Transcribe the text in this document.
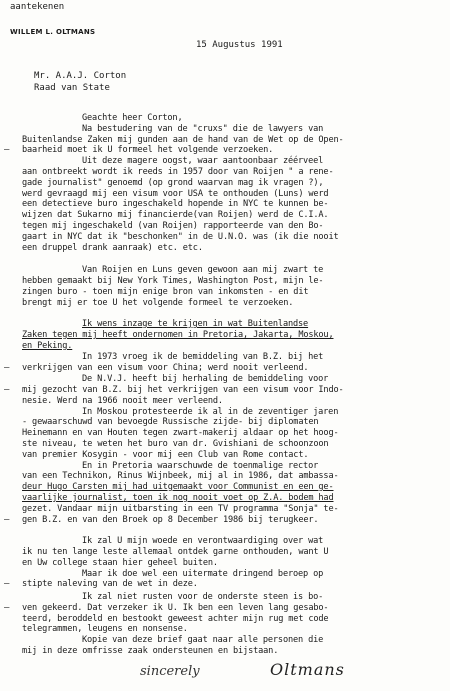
aantekenen
WILLEM L. OLTMANS
15 Augustus 1991
Mr. A.A.J. Corton
Raad van State
Geachte heer Corton,
Na bestudering van de "cruxs" die de lawyers van
Buitenlandse Zaken mij gunden aan de hand van de Wet op de Open-
baarheid moet ik U formeel het volgende verzoeken.
–
Uit deze magere oogst, waar aantoonbaar zéérveel
aan ontbreekt wordt ik reeds in 1957 door van Roijen " a rene-
gade journalist" genoemd (op grond waarvan mag ik vragen ?),
werd gevraagd mij een visum voor USA te onthouden (Luns) werd
een detectieve buro ingeschakeld hopende in NYC te kunnen be-
wijzen dat Sukarno mij financierde(van Roijen) werd de C.I.A.
tegen mij ingeschakeld (van Roijen) rapporteerde van den Bo-
gaart in NYC dat ik "beschonken" in de U.N.O. was (ik die nooit
een druppel drank aanraak) etc. etc.
Van Roijen en Luns geven gewoon aan mij zwart te
hebben gemaakt bij New York Times, Washington Post, mijn le-
zingen buro - toen mijn enige bron van inkomsten - en dit
brengt mij er toe U het volgende formeel te verzoeken.
Ik wens inzage te krijgen in wat Buitenlandse
Zaken tegen mij heeft ondernomen in Pretoria, Jakarta, Moskou,
en Peking.
In 1973 vroeg ik de bemiddeling van B.Z. bij het
verkrijgen van een visum voor China; werd nooit verleend.
–
De N.V.J. heeft bij herhaling de bemiddeling voor
mij gezocht van B.Z. bij het verkrijgen van een visum voor Indo-
–
nesie. Werd na 1966 nooit meer verleend.
In Moskou protesteerde ik al in de zeventiger jaren
- gewaarschuwd van bevoegde Russische zijde- bij diplomaten
Heinemann en van Houten tegen zwart-makerij aldaar op het hoog-
ste niveau, te weten het buro van dr. Gvishiani de schoonzoon
van premier Kosygin - voor mij een Club van Rome contact.
En in Pretoria waarschuwde de toenmalige rector
van een Technikon, Rinus Wijnbeek, mij al in 1986, dat ambassa-
deur Hugo Carsten mij had uitgemaakt voor Communist en een ge-
vaarlijke journalist, toen ik nog nooit voet op Z.A. bodem had
gezet. Vandaar mijn uitbarsting in een TV programma "Sonja" te-
gen B.Z. en van den Broek op 8 December 1986 bij terugkeer.
–
Ik zal U mijn woede en verontwaardiging over wat
ik nu ten lange leste allemaal ontdek garne onthouden, want U
en Uw college staan hier geheel buiten.
Maar ik doe wel een uitermate dringend beroep op
stipte naleving van de wet in deze.
–
Ik zal niet rusten voor de onderste steen is bo-
ven gekeerd. Dat verzeker ik U. Ik ben een leven lang gesabo-
–
teerd, beroddeld en bestookt geweest achter mijn rug met code
telegrammen, leugens en nonsense.
Kopie van deze brief gaat naar alle personen die
mij in deze omfrisse zaak ondersteunen en bijstaan.
sincerely	Oltmans
